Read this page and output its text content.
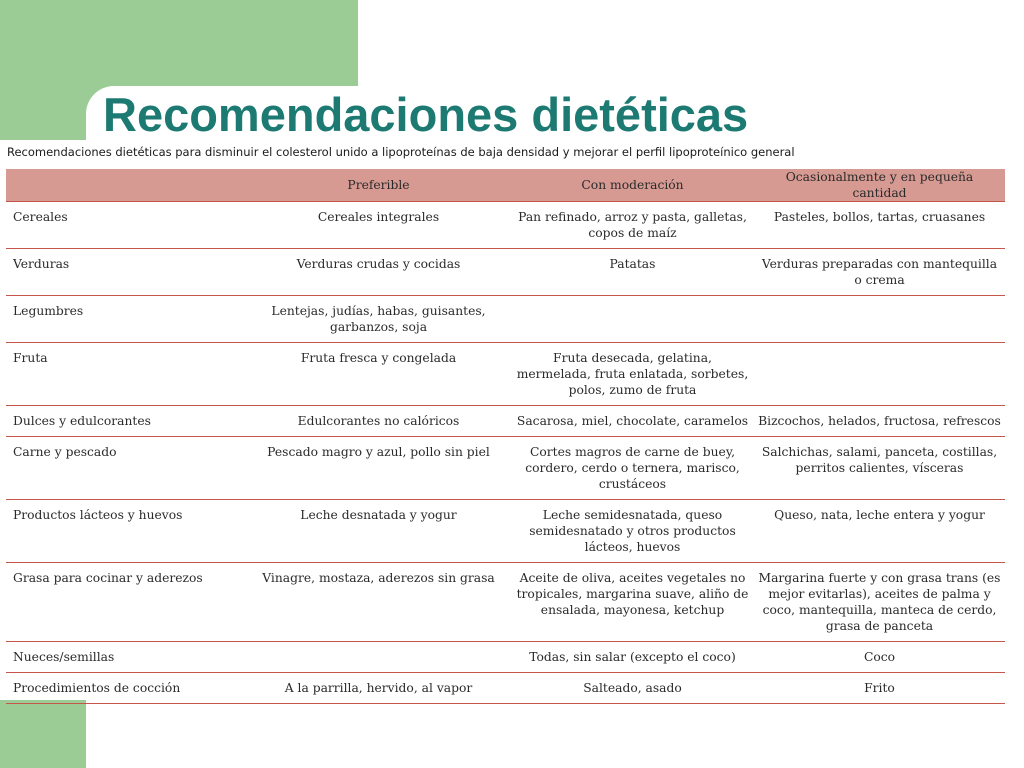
Recomendaciones dietéticas
Recomendaciones dietéticas para disminuir el colesterol unido a lipoproteínas de baja densidad y mejorar el perfil lipoproteínico general
	Preferible	Con moderación	Ocasionalmente y en pequeña cantidad
Cereales	Cereales integrales	Pan refinado, arroz y pasta, galletas, copos de maíz	Pasteles, bollos, tartas, cruasanes
Verduras	Verduras crudas y cocidas	Patatas	Verduras preparadas con mantequilla o crema
Legumbres	Lentejas, judías, habas, guisantes, garbanzos, soja		
Fruta	Fruta fresca y congelada	Fruta desecada, gelatina, mermelada, fruta enlatada, sorbetes, polos, zumo de fruta	
Dulces y edulcorantes	Edulcorantes no calóricos	Sacarosa, miel, chocolate, caramelos	Bizcochos, helados, fructosa, refrescos
Carne y pescado	Pescado magro y azul, pollo sin piel	Cortes magros de carne de buey, cordero, cerdo o ternera, marisco, crustáceos	Salchichas, salami, panceta, costillas, perritos calientes, vísceras
Productos lácteos y huevos	Leche desnatada y yogur	Leche semidesnatada, queso semidesnatado y otros productos lácteos, huevos	Queso, nata, leche entera y yogur
Grasa para cocinar y aderezos	Vinagre, mostaza, aderezos sin grasa	Aceite de oliva, aceites vegetales no tropicales, margarina suave, aliño de ensalada, mayonesa, ketchup	Margarina fuerte y con grasa trans (es mejor evitarlas), aceites de palma y coco, mantequilla, manteca de cerdo, grasa de panceta
Nueces/semillas		Todas, sin salar (excepto el coco)	Coco
Procedimientos de cocción	A la parrilla, hervido, al vapor	Salteado, asado	Frito
